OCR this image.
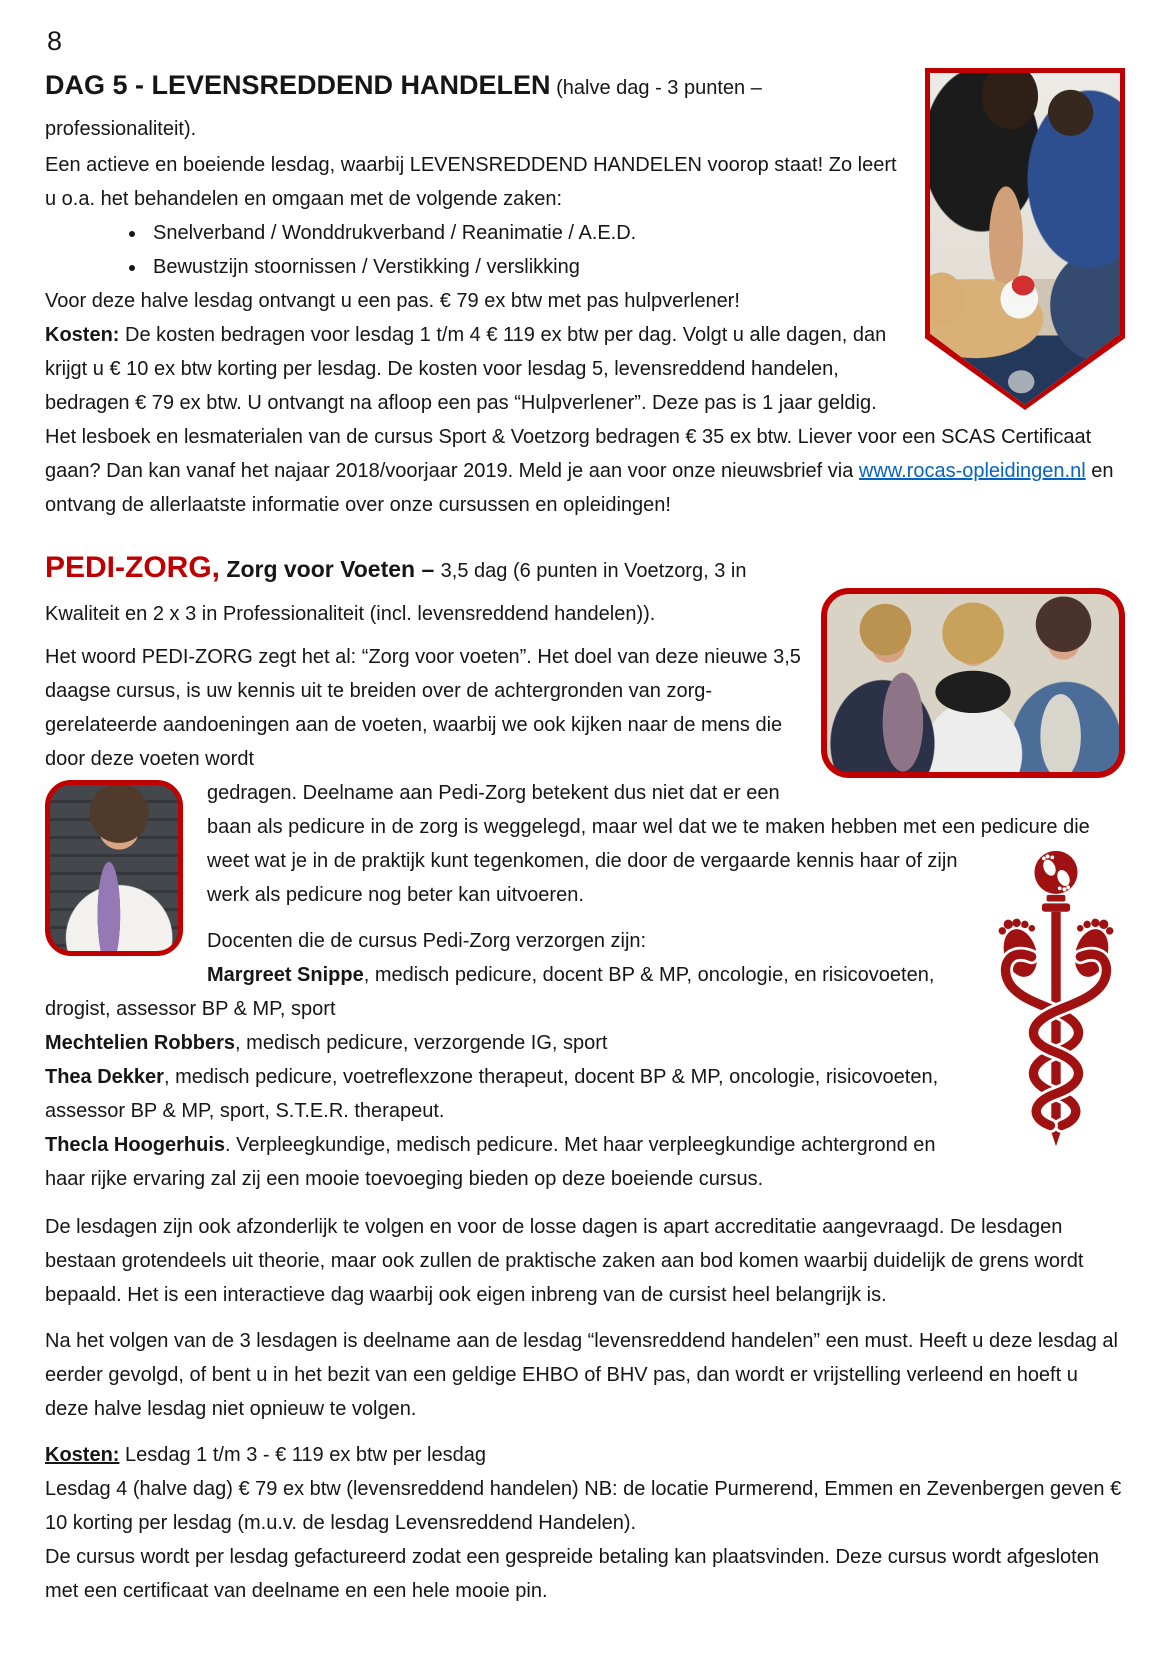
8
DAG 5 - LEVENSREDDEND HANDELEN (halve dag - 3 punten – professionaliteit).

Een actieve en boeiende lesdag, waarbij LEVENSREDDEND HANDELEN voorop staat! Zo leert u o.a. het behandelen en omgaan met de volgende zaken:

• Snelverband / Wonddrukverband / Reanimatie / A.E.D.
• Bewustzijn stoornissen / Verstikking / verslikking

Voor deze halve lesdag ontvangt u een pas. € 79 ex btw met pas hulpverlener!

Kosten: De kosten bedragen voor lesdag 1 t/m 4 € 119 ex btw per dag. Volgt u alle dagen, dan krijgt u € 10 ex btw korting per lesdag. De kosten voor lesdag 5, levensreddend handelen, bedragen € 79 ex btw. U ontvangt na afloop een pas “Hulpverlener”. Deze pas is 1 jaar geldig. Het lesboek en lesmaterialen van de cursus Sport & Voetzorg bedragen € 35 ex btw. Liever voor een SCAS Certificaat gaan? Dan kan vanaf het najaar 2018/voorjaar 2019. Meld je aan voor onze nieuwsbrief via www.rocas-opleidingen.nl en ontvang de allerlaatste informatie over onze cursussen en opleidingen!

PEDI-ZORG, Zorg voor Voeten – 3,5 dag (6 punten in Voetzorg, 3 in Kwaliteit en 2 x 3 in Professionaliteit (incl. levensreddend handelen)).

Het woord PEDI-ZORG zegt het al: “Zorg voor voeten”. Het doel van deze nieuwe 3,5 daagse cursus, is uw kennis uit te breiden over de achtergronden van zorg-gerelateerde aandoeningen aan de voeten, waarbij we ook kijken naar de mens die door deze voeten wordt

gedragen. Deelname aan Pedi-Zorg betekent dus niet dat er een baan als pedicure in de zorg is weggelegd, maar wel dat we te maken hebben met een pedicure die weet wat je in de praktijk kunt tegenkomen, die
door de vergaarde kennis haar of zijn werk als pedicure nog beter kan uitvoeren.

Docenten die de cursus Pedi-Zorg verzorgen zijn:

Margreet Snippe, medisch pedicure, docent BP & MP, oncologie, en risicovoeten, drogist, assessor BP & MP, sport
Mechtelien Robbers, medisch pedicure, verzorgende IG, sport
Thea Dekker, medisch pedicure, voetreflexzone therapeut, docent BP & MP, oncologie, risicovoeten, assessor BP & MP, sport, S.T.E.R. therapeut.
Thecla Hoogerhuis. Verpleegkundige, medisch pedicure. Met haar verpleegkundige achtergrond en haar rijke ervaring zal zij een mooie toevoeging bieden op deze boeiende cursus.

De lesdagen zijn ook afzonderlijk te volgen en voor de losse dagen is apart accreditatie aangevraagd. De lesdagen bestaan grotendeels uit theorie, maar ook zullen de praktische zaken aan bod komen waarbij duidelijk de grens wordt bepaald. Het is een interactieve dag waarbij ook eigen inbreng van de cursist heel belangrijk is.

Na het volgen van de 3 lesdagen is deelname aan de lesdag “levensreddend handelen” een must. Heeft u deze lesdag al eerder gevolgd, of bent u in het bezit van een geldige EHBO of BHV pas, dan wordt er vrijstelling verleend en hoeft u deze halve lesdag niet opnieuw te volgen.

Kosten: Lesdag 1 t/m 3 - € 119 ex btw per lesdag

Lesdag 4 (halve dag) € 79 ex btw (levensreddend handelen) NB: de locatie Purmerend, Emmen en Zevenbergen geven € 10 korting per lesdag (m.u.v. de lesdag Levensreddend Handelen).

De cursus wordt per lesdag gefactureerd zodat een gespreide betaling kan plaatsvinden. Deze cursus wordt afgesloten met een certificaat van deelname en een hele mooie pin.
